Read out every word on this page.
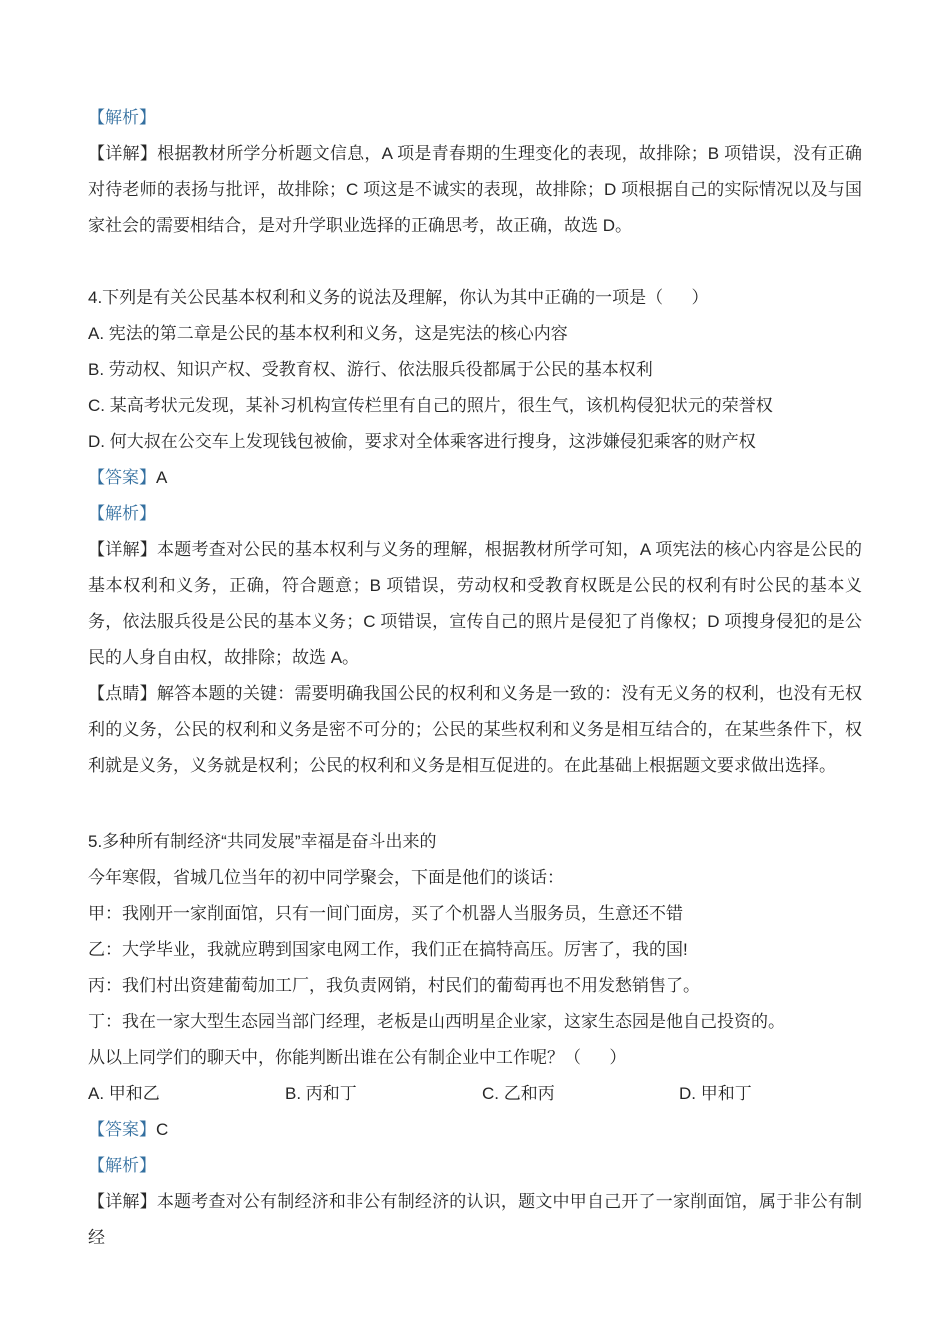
【解析】

【详解】根据教材所学分析题文信息，A 项是青春期的生理变化的表现，故排除；B 项错误，没有正确对待老师的表扬与批评，故排除；C 项这是不诚实的表现，故排除；D 项根据自己的实际情况以及与国家社会的需要相结合，是对升学职业选择的正确思考，故正确，故选 D。

4.下列是有关公民基本权利和义务的说法及理解，你认为其中正确的一项是（      ）

A. 宪法的第二章是公民的基本权利和义务，这是宪法的核心内容

B. 劳动权、知识产权、受教育权、游行、依法服兵役都属于公民的基本权利

C. 某高考状元发现，某补习机构宣传栏里有自己的照片，很生气，该机构侵犯状元的荣誉权

D. 何大叔在公交车上发现钱包被偷，要求对全体乘客进行搜身，这涉嫌侵犯乘客的财产权

【答案】A

【解析】

【详解】本题考查对公民的基本权利与义务的理解，根据教材所学可知，A 项宪法的核心内容是公民的基本权利和义务，正确，符合题意；B 项错误，劳动权和受教育权既是公民的权利有时公民的基本义务，依法服兵役是公民的基本义务；C 项错误，宣传自己的照片是侵犯了肖像权；D 项搜身侵犯的是公民的人身自由权，故排除；故选 A。

【点睛】解答本题的关键：需要明确我国公民的权利和义务是一致的：没有无义务的权利，也没有无权利的义务，公民的权利和义务是密不可分的；公民的某些权利和义务是相互结合的，在某些条件下，权利就是义务，义务就是权利；公民的权利和义务是相互促进的。在此基础上根据题文要求做出选择。

5.多种所有制经济“共同发展”幸福是奋斗出来的

今年寒假，省城几位当年的初中同学聚会，下面是他们的谈话：

甲：我刚开一家削面馆，只有一间门面房，买了个机器人当服务员，生意还不错

乙：大学毕业，我就应聘到国家电网工作，我们正在搞特高压。厉害了，我的国!

丙：我们村出资建葡萄加工厂，我负责网销，村民们的葡萄再也不用发愁销售了。

丁：我在一家大型生态园当部门经理，老板是山西明星企业家，这家生态园是他自己投资的。

从以上同学们的聊天中，你能判断出谁在公有制企业中工作呢？（      ）

A. 甲和乙	B. 丙和丁	C. 乙和丙	D. 甲和丁

【答案】C

【解析】

【详解】本题考查对公有制经济和非公有制经济的认识，题文中甲自己开了一家削面馆，属于非公有制经
